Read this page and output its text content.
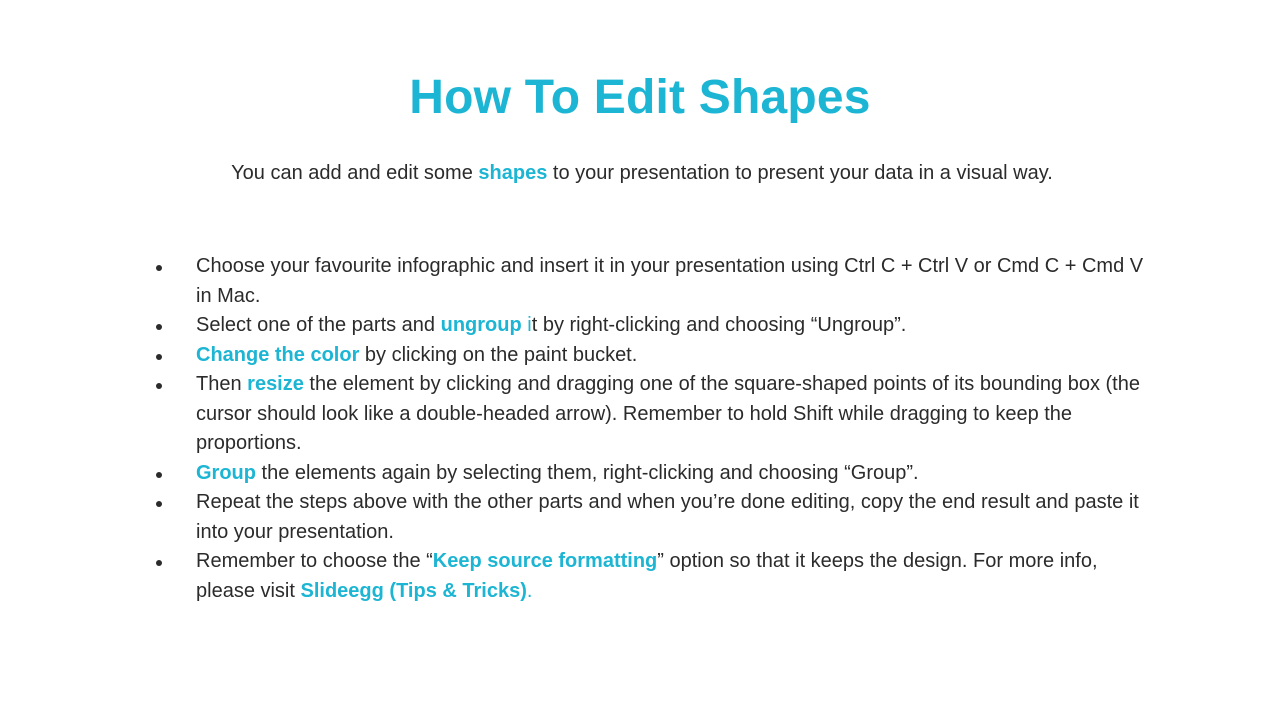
How To Edit Shapes
You can add and edit some shapes to your presentation to present your data in a visual way.
Choose your favourite infographic and insert it in your presentation using Ctrl C + Ctrl V or Cmd C + Cmd V in Mac.
Select one of the parts and ungroup it by right-clicking and choosing “Ungroup”.
Change the color by clicking on the paint bucket.
Then resize the element by clicking and dragging one of the square-shaped points of its bounding box (the cursor should look like a double-headed arrow). Remember to hold Shift while dragging to keep the proportions.
Group the elements again by selecting them, right-clicking and choosing “Group”.
Repeat the steps above with the other parts and when you’re done editing, copy the end result and paste it into your presentation.
Remember to choose the “Keep source formatting” option so that it keeps the design. For more info, please visit Slideegg (Tips & Tricks).
